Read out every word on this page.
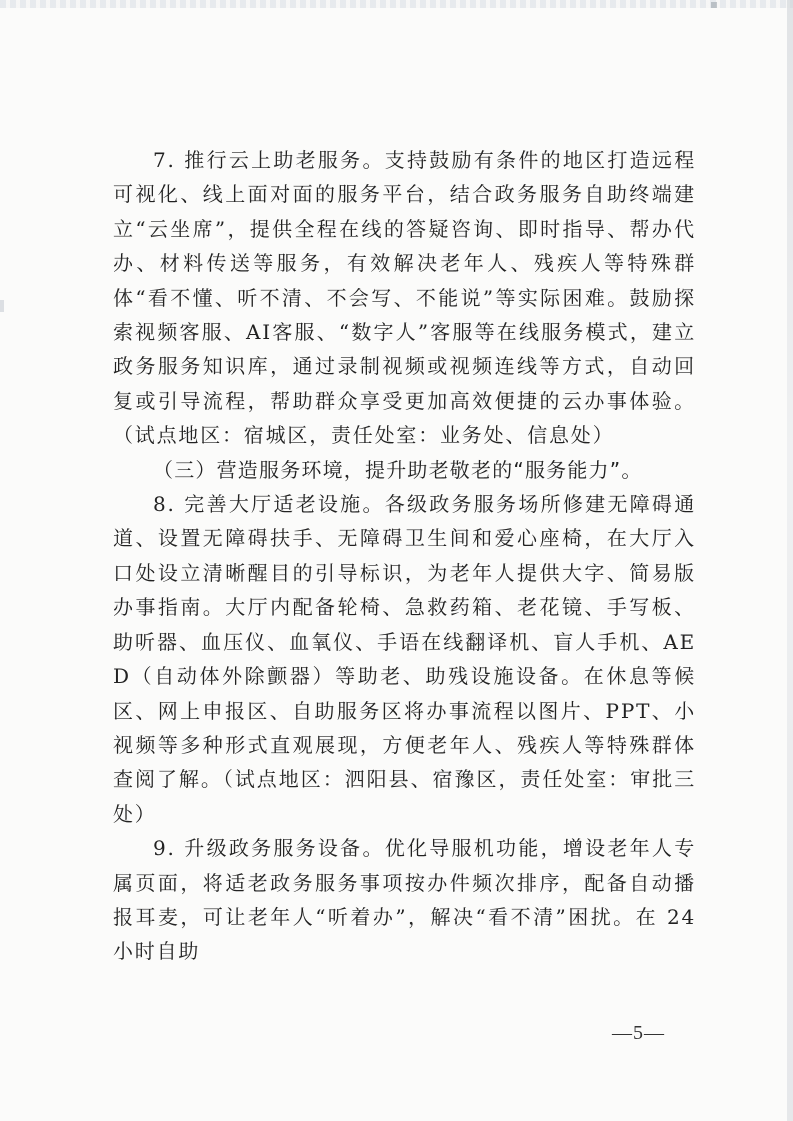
7. 推行云上助老服务。支持鼓励有条件的地区打造远程可视化、线上面对面的服务平台，结合政务服务自助终端建立“云坐席”，提供全程在线的答疑咨询、即时指导、帮办代办、材料传送等服务，有效解决老年人、残疾人等特殊群体“看不懂、听不清、不会写、不能说”等实际困难。鼓励探索视频客服、AI客服、“数字人”客服等在线服务模式，建立政务服务知识库，通过录制视频或视频连线等方式，自动回复或引导流程，帮助群众享受更加高效便捷的云办事体验。（试点地区：宿城区，责任处室：业务处、信息处）

（三）营造服务环境，提升助老敬老的“服务能力”。

8. 完善大厅适老设施。各级政务服务场所修建无障碍通道、设置无障碍扶手、无障碍卫生间和爱心座椅，在大厅入口处设立清晰醒目的引导标识，为老年人提供大字、简易版办事指南。大厅内配备轮椅、急救药箱、老花镜、手写板、助听器、血压仪、血氧仪、手语在线翻译机、盲人手机、AED（自动体外除颤器）等助老、助残设施设备。在休息等候区、网上申报区、自助服务区将办事流程以图片、PPT、小视频等多种形式直观展现，方便老年人、残疾人等特殊群体查阅了解。（试点地区：泗阳县、宿豫区，责任处室：审批三处）

9. 升级政务服务设备。优化导服机功能，增设老年人专属页面，将适老政务服务事项按办件频次排序，配备自动播报耳麦，可让老年人“听着办”，解决“看不清”困扰。在 24 小时自助

—5—
